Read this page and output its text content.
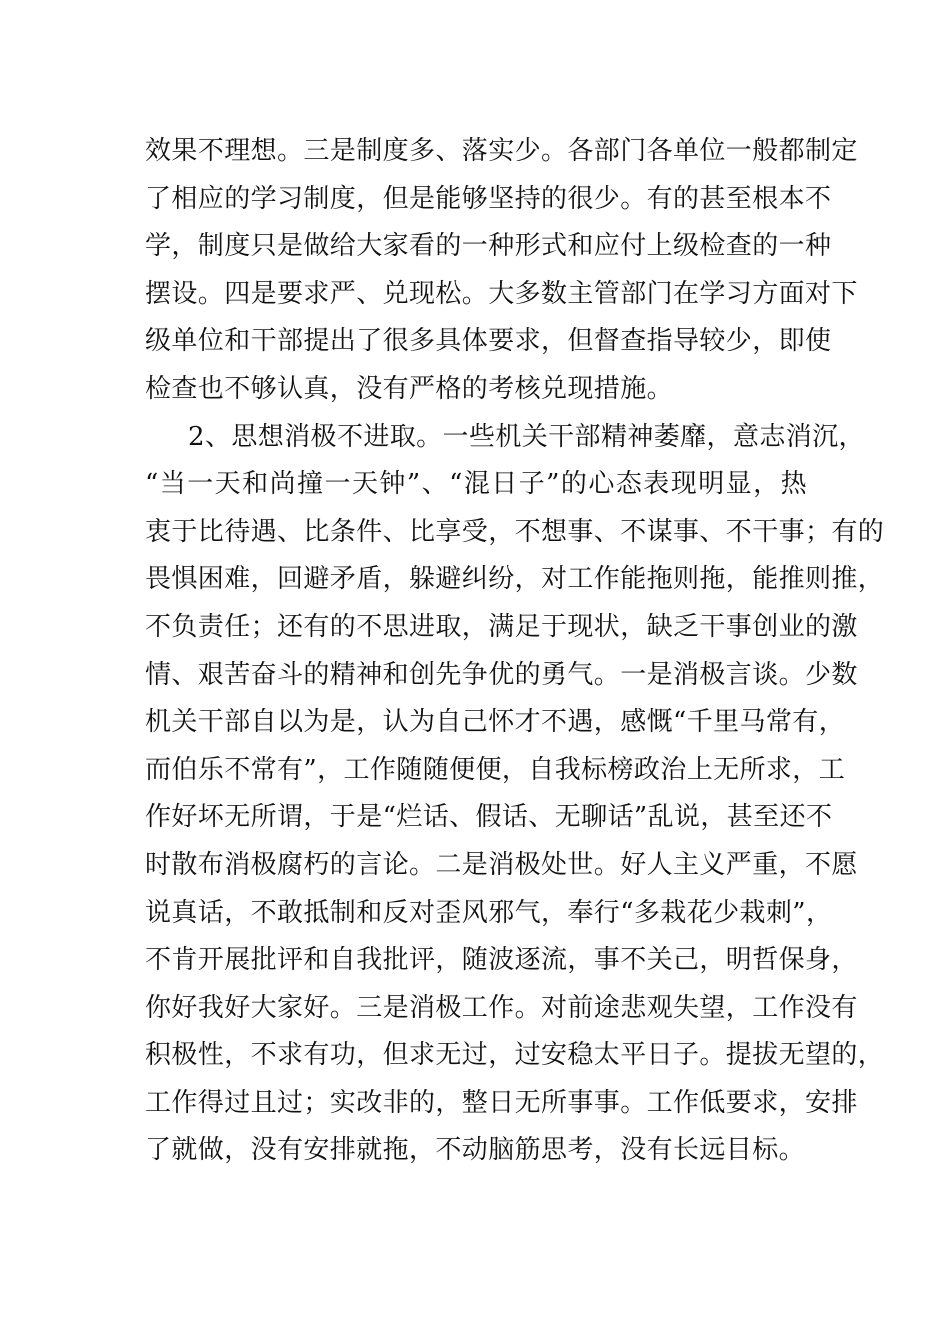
效果不理想。三是制度多、落实少。各部门各单位一般都制定
了相应的学习制度，但是能够坚持的很少。有的甚至根本不
学，制度只是做给大家看的一种形式和应付上级检查的一种
摆设。四是要求严、兑现松。大多数主管部门在学习方面对下
级单位和干部提出了很多具体要求，但督查指导较少，即使
检查也不够认真，没有严格的考核兑现措施。
2、思想消极不进取。一些机关干部精神萎靡，意志消沉，
“当一天和尚撞一天钟”、“混日子”的心态表现明显，热
衷于比待遇、比条件、比享受，不想事、不谋事、不干事；有的
畏惧困难，回避矛盾，躲避纠纷，对工作能拖则拖，能推则推，
不负责任；还有的不思进取，满足于现状，缺乏干事创业的激
情、艰苦奋斗的精神和创先争优的勇气。一是消极言谈。少数
机关干部自以为是，认为自己怀才不遇，感慨“千里马常有，
而伯乐不常有”，工作随随便便，自我标榜政治上无所求，工
作好坏无所谓，于是“烂话、假话、无聊话”乱说，甚至还不
时散布消极腐朽的言论。二是消极处世。好人主义严重，不愿
说真话，不敢抵制和反对歪风邪气，奉行“多栽花少栽刺”，
不肯开展批评和自我批评，随波逐流，事不关己，明哲保身，
你好我好大家好。三是消极工作。对前途悲观失望，工作没有
积极性，不求有功，但求无过，过安稳太平日子。提拔无望的，
工作得过且过；实改非的，整日无所事事。工作低要求，安排
了就做，没有安排就拖，不动脑筋思考，没有长远目标。
